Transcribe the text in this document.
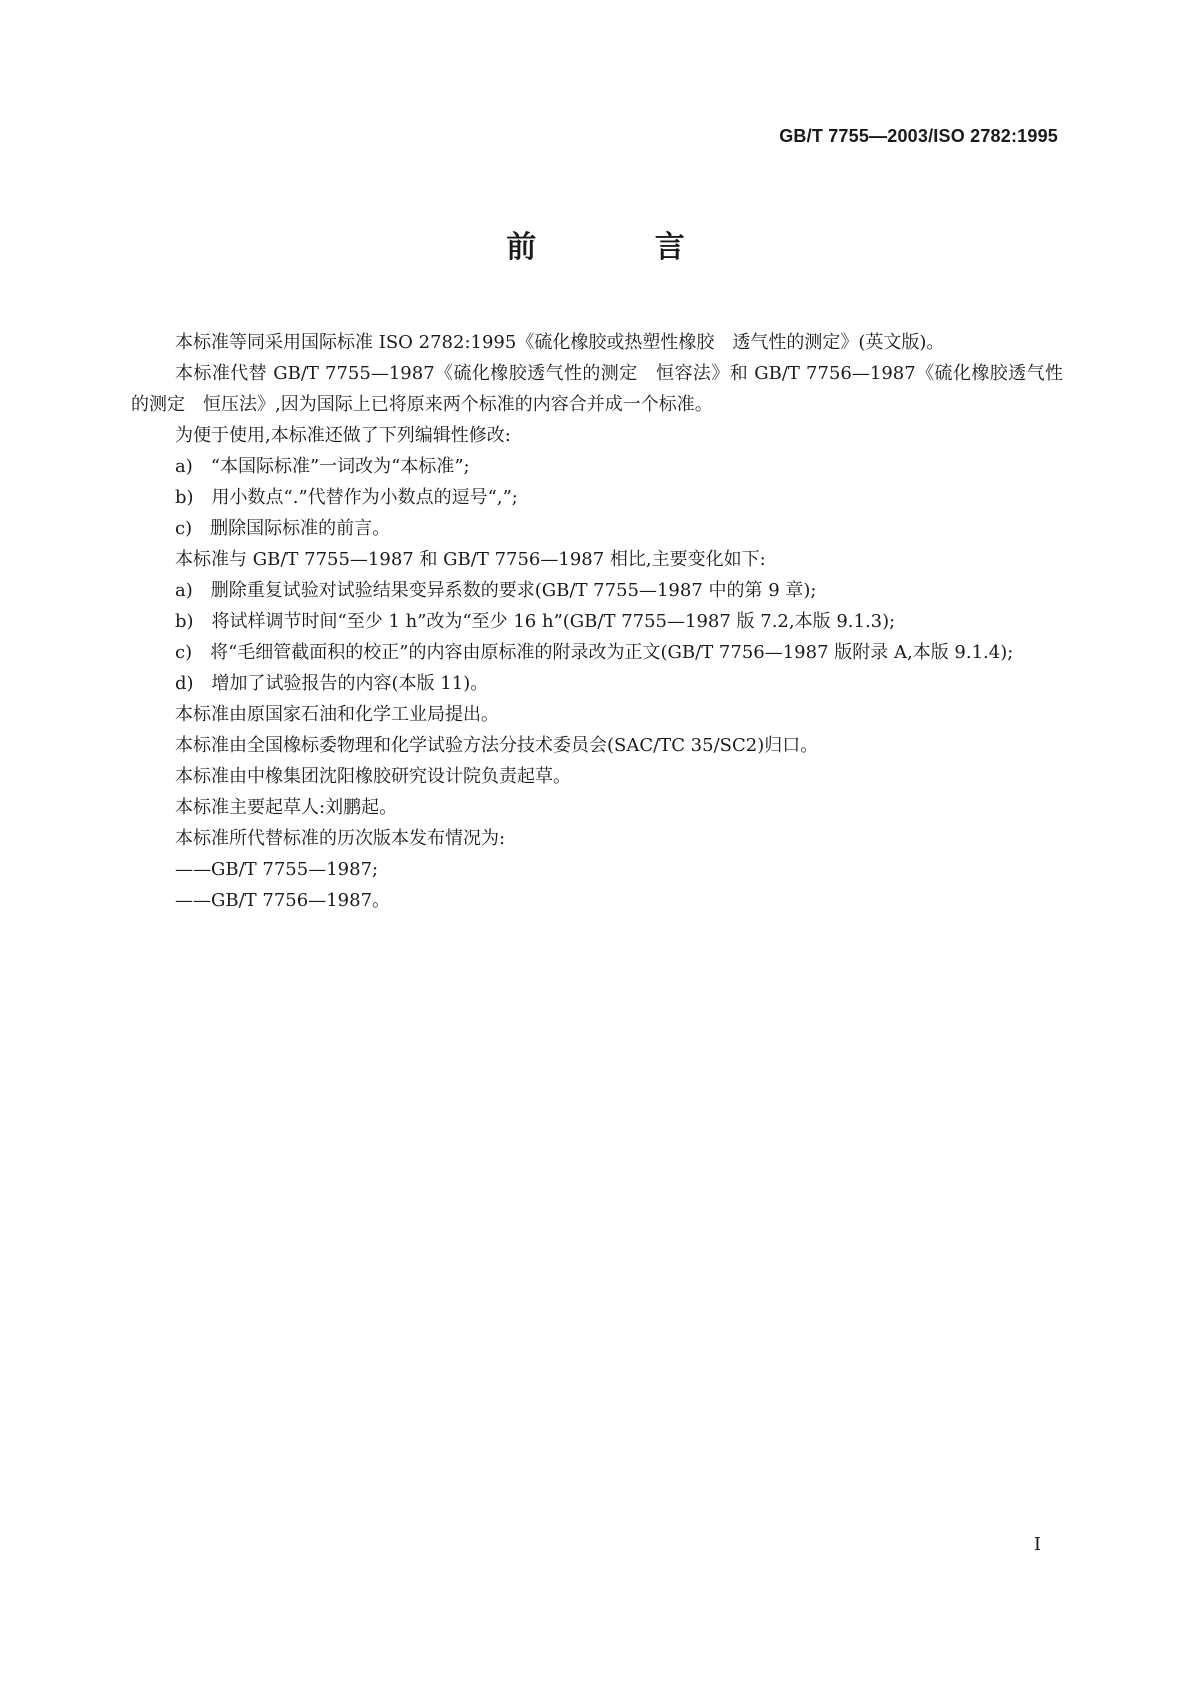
GB/T 7755—2003/ISO 2782:1995
前 言

本标准等同采用国际标准 ISO 2782:1995《硫化橡胶或热塑性橡胶　透气性的测定》(英文版)。

本标准代替 GB/T 7755—1987《硫化橡胶透气性的测定　恒容法》和 GB/T 7756—1987《硫化橡胶透气性的测定　恒压法》,因为国际上已将原来两个标准的内容合并成一个标准。

为便于使用,本标准还做了下列编辑性修改:

a)　“本国际标准”一词改为“本标准”;

b)　用小数点“.”代替作为小数点的逗号“,”;

c)　删除国际标准的前言。

本标准与 GB/T 7755—1987 和 GB/T 7756—1987 相比,主要变化如下:

a)　删除重复试验对试验结果变异系数的要求(GB/T 7755—1987 中的第 9 章);

b)　将试样调节时间“至少 1 h”改为“至少 16 h”(GB/T 7755—1987 版 7.2,本版 9.1.3);

c)　将“毛细管截面积的校正”的内容由原标准的附录改为正文(GB/T 7756—1987 版附录 A,本版 9.1.4);

d)　增加了试验报告的内容(本版 11)。

本标准由原国家石油和化学工业局提出。

本标准由全国橡标委物理和化学试验方法分技术委员会(SAC/TC 35/SC2)归口。

本标准由中橡集团沈阳橡胶研究设计院负责起草。

本标准主要起草人:刘鹏起。

本标准所代替标准的历次版本发布情况为:

——GB/T 7755—1987;

——GB/T 7756—1987。

I
